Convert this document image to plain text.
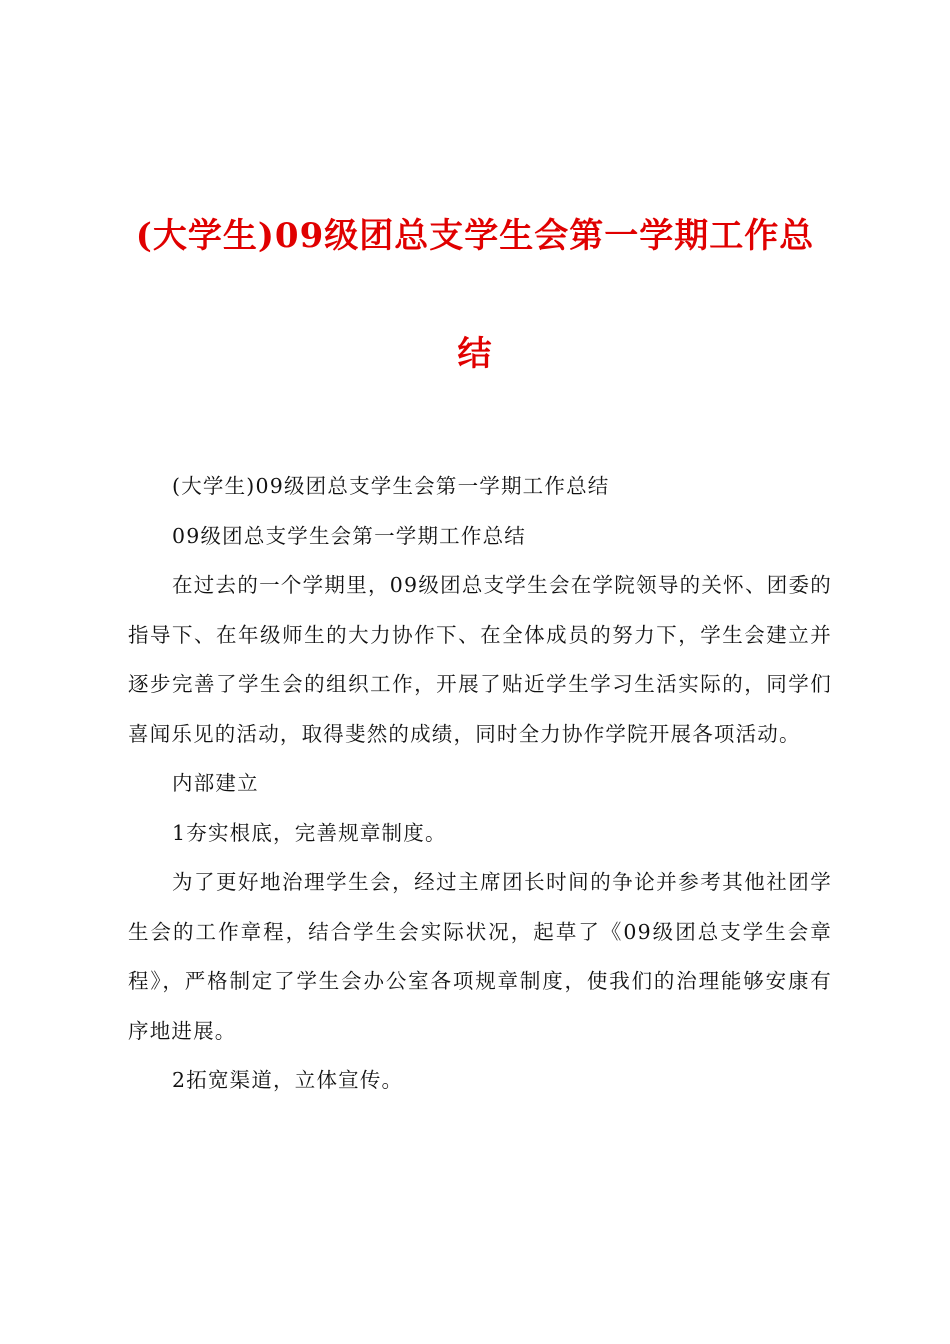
(大学生)09级团总支学生会第一学期工作总
结

(大学生)09级团总支学生会第一学期工作总结

09级团总支学生会第一学期工作总结

在过去的一个学期里，09级团总支学生会在学院领导的关怀、团委的指导下、在年级师生的大力协作下、在全体成员的努力下，学生会建立并逐步完善了学生会的组织工作，开展了贴近学生学习生活实际的，同学们喜闻乐见的活动，取得斐然的成绩，同时全力协作学院开展各项活动。

内部建立

1夯实根底，完善规章制度。

为了更好地治理学生会，经过主席团长时间的争论并参考其他社团学生会的工作章程，结合学生会实际状况，起草了《09级团总支学生会章程》，严格制定了学生会办公室各项规章制度，使我们的治理能够安康有序地进展。

2拓宽渠道，立体宣传。
